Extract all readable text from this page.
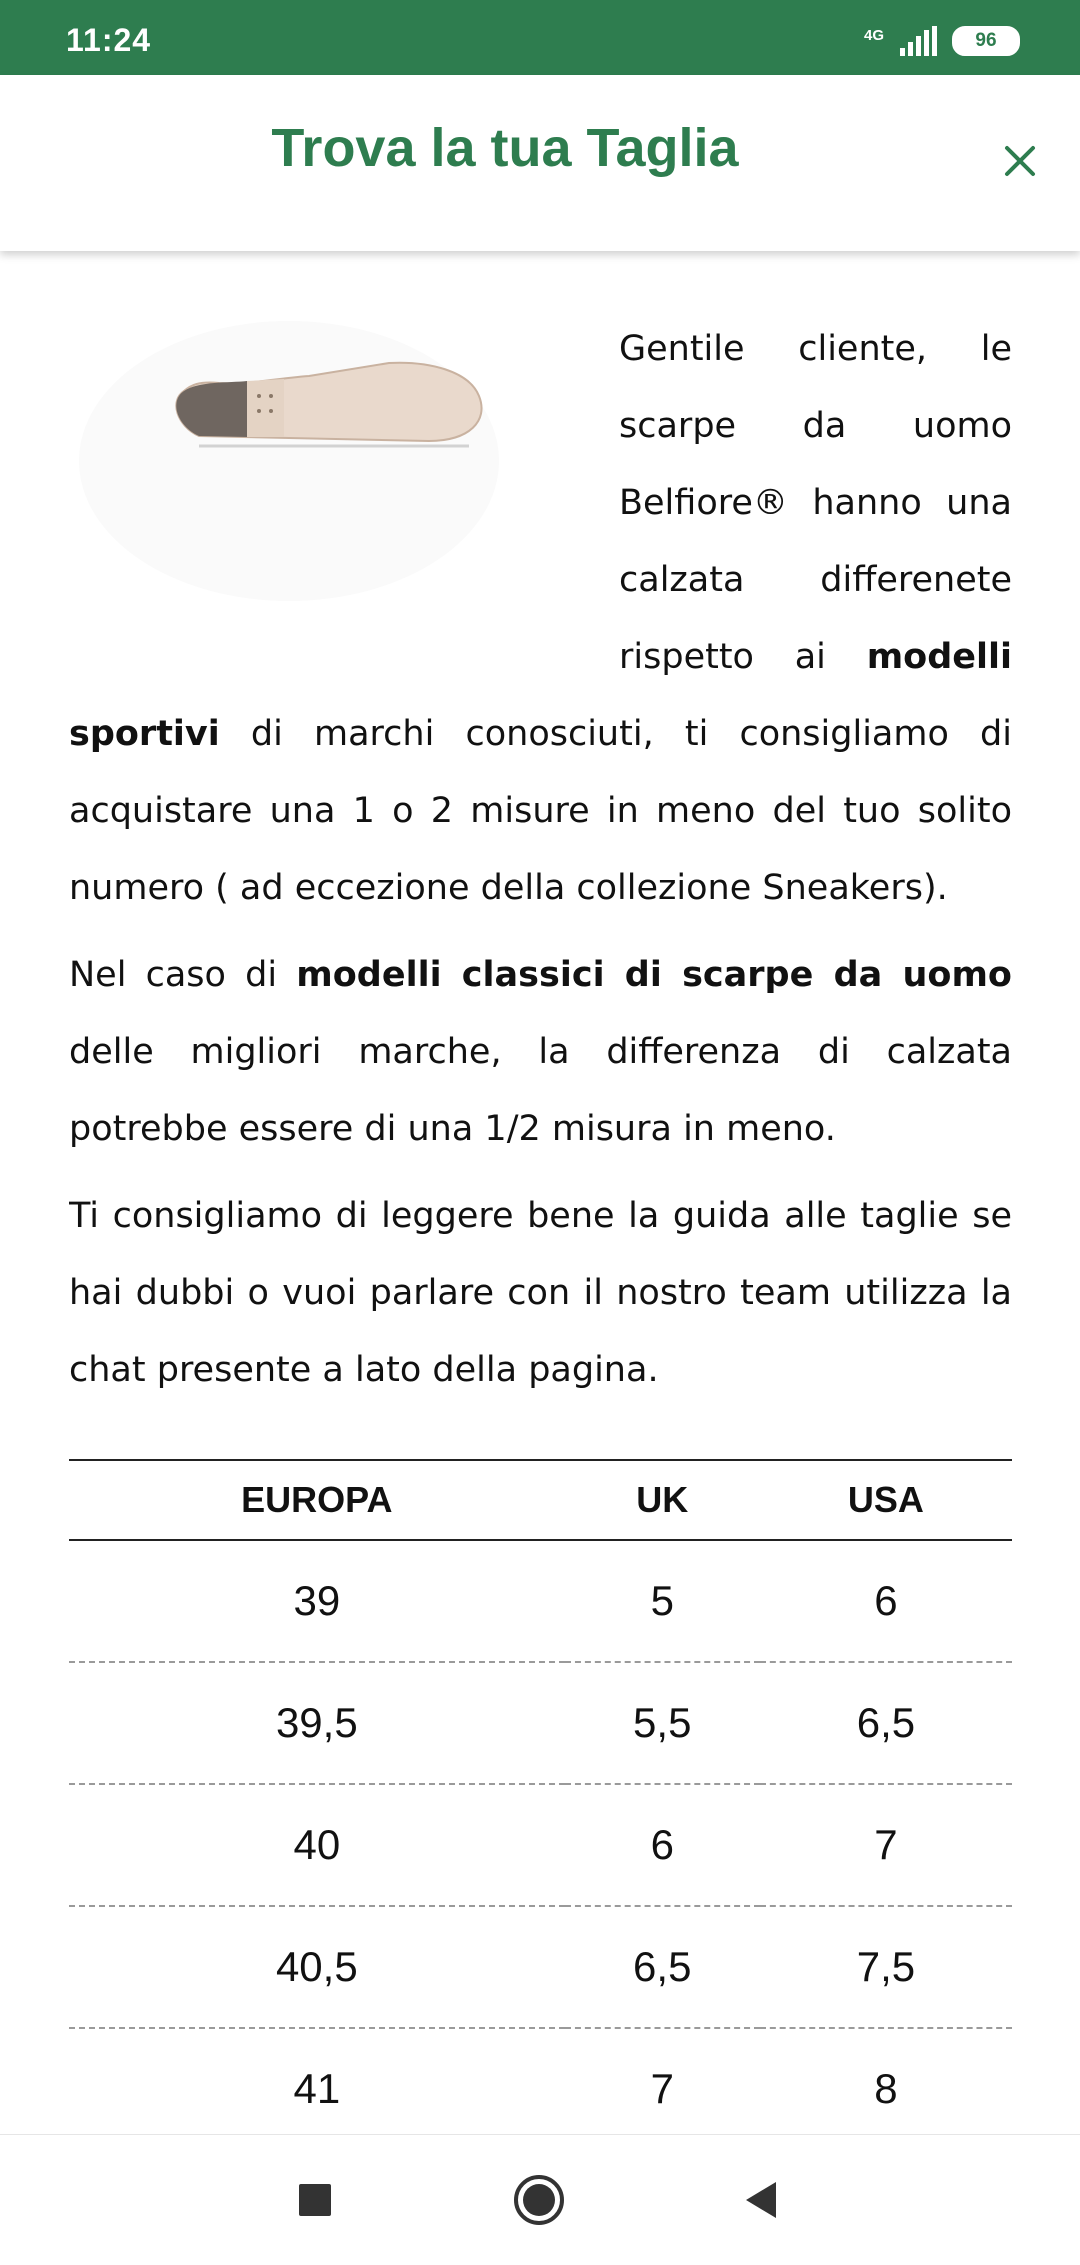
11:24	4G	96
Trova la tua Taglia
Gentile cliente, le scarpe da uomo Belfiore® hanno una calzata differenete rispetto ai modelli sportivi di marchi conosciuti, ti consigliamo di acquistare una 1 o 2 misure in meno del tuo solito numero ( ad eccezione della collezione Sneakers).

Nel caso di modelli classici di scarpe da uomo delle migliori marche, la differenza di calzata potrebbe essere di una 1/2 misura in meno.

Ti consigliamo di leggere bene la guida alle taglie se hai dubbi o vuoi parlare con il nostro team utilizza la chat presente a lato della pagina.

EUROPA	UK	USA
39	5	6
39,5	5,5	6,5
40	6	7
40,5	6,5	7,5
41	7	8
